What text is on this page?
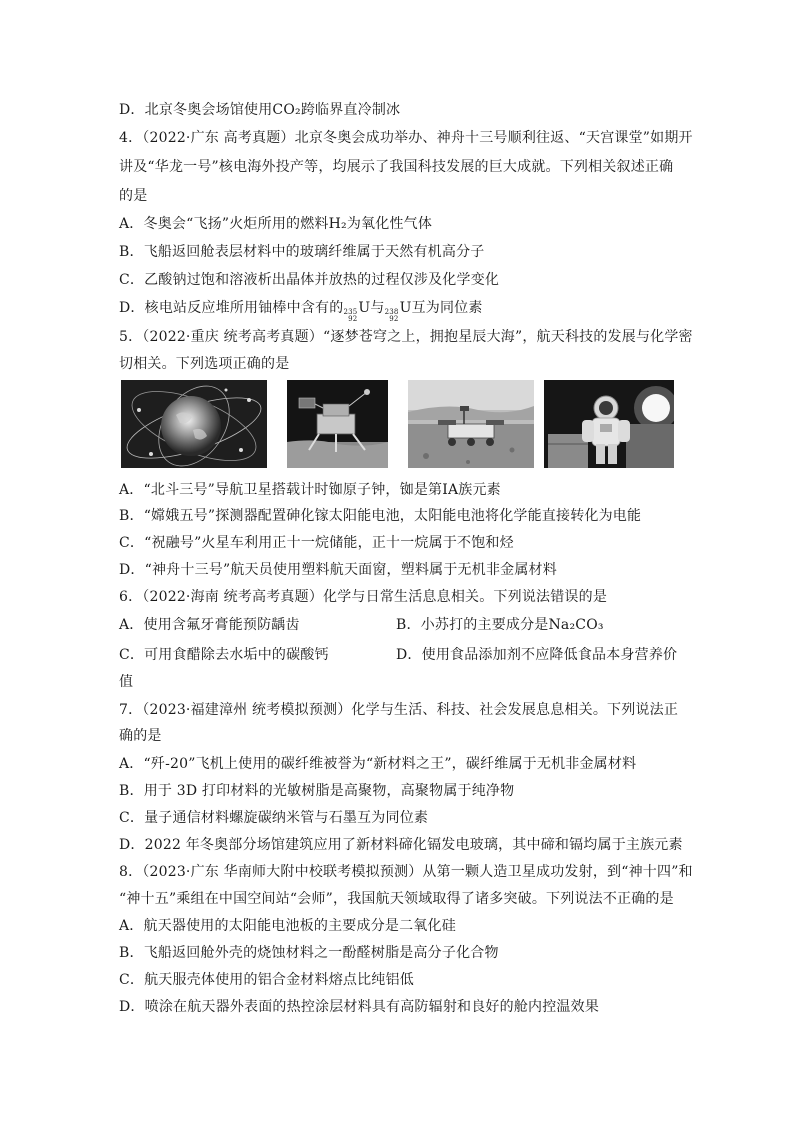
D．北京冬奥会场馆使用CO₂跨临界直冷制冰
4．（2022·广东 高考真题）北京冬奥会成功举办、神舟十三号顺利往返、“天宫课堂”如期开
讲及“华龙一号”核电海外投产等，均展示了我国科技发展的巨大成就。下列相关叙述正确
的是
A．冬奥会“飞扬”火炬所用的燃料H₂为氧化性气体
B．飞船返回舱表层材料中的玻璃纤维属于天然有机高分子
C．乙酸钠过饱和溶液析出晶体并放热的过程仅涉及化学变化
D．核电站反应堆所用铀棒中含有的 235
92
U与 238
92
U互为同位素
5．（2022·重庆 统考高考真题）“逐梦苍穹之上，拥抱星辰大海”，航天科技的发展与化学密
切相关。下列选项正确的是
A．“北斗三号”导航卫星搭载计时铷原子钟，铷是第ⅠA族元素
B．“嫦娥五号”探测器配置砷化镓太阳能电池，太阳能电池将化学能直接转化为电能
C．“祝融号”火星车利用正十一烷储能，正十一烷属于不饱和烃
D．“神舟十三号”航天员使用塑料航天面窗，塑料属于无机非金属材料
6．（2022·海南 统考高考真题）化学与日常生活息息相关。下列说法错误的是
A．使用含氟牙膏能预防龋齿	B．小苏打的主要成分是Na₂CO₃
C．可用食醋除去水垢中的碳酸钙	D．使用食品添加剂不应降低食品本身营养价
值
7．（2023·福建漳州 统考模拟预测）化学与生活、科技、社会发展息息相关。下列说法正
确的是
A．“歼-20”飞机上使用的碳纤维被誉为“新材料之王”，碳纤维属于无机非金属材料
B．用于 3D 打印材料的光敏树脂是高聚物，高聚物属于纯净物
C．量子通信材料螺旋碳纳米管与石墨互为同位素
D．2022 年冬奥部分场馆建筑应用了新材料碲化镉发电玻璃，其中碲和镉均属于主族元素
8．（2023·广东 华南师大附中校联考模拟预测）从第一颗人造卫星成功发射，到“神十四”和
“神十五”乘组在中国空间站“会师”，我国航天领域取得了诸多突破。下列说法不正确的是
A．航天器使用的太阳能电池板的主要成分是二氧化硅
B．飞船返回舱外壳的烧蚀材料之一酚醛树脂是高分子化合物
C．航天服壳体使用的铝合金材料熔点比纯铝低
D．喷涂在航天器外表面的热控涂层材料具有高防辐射和良好的舱内控温效果
